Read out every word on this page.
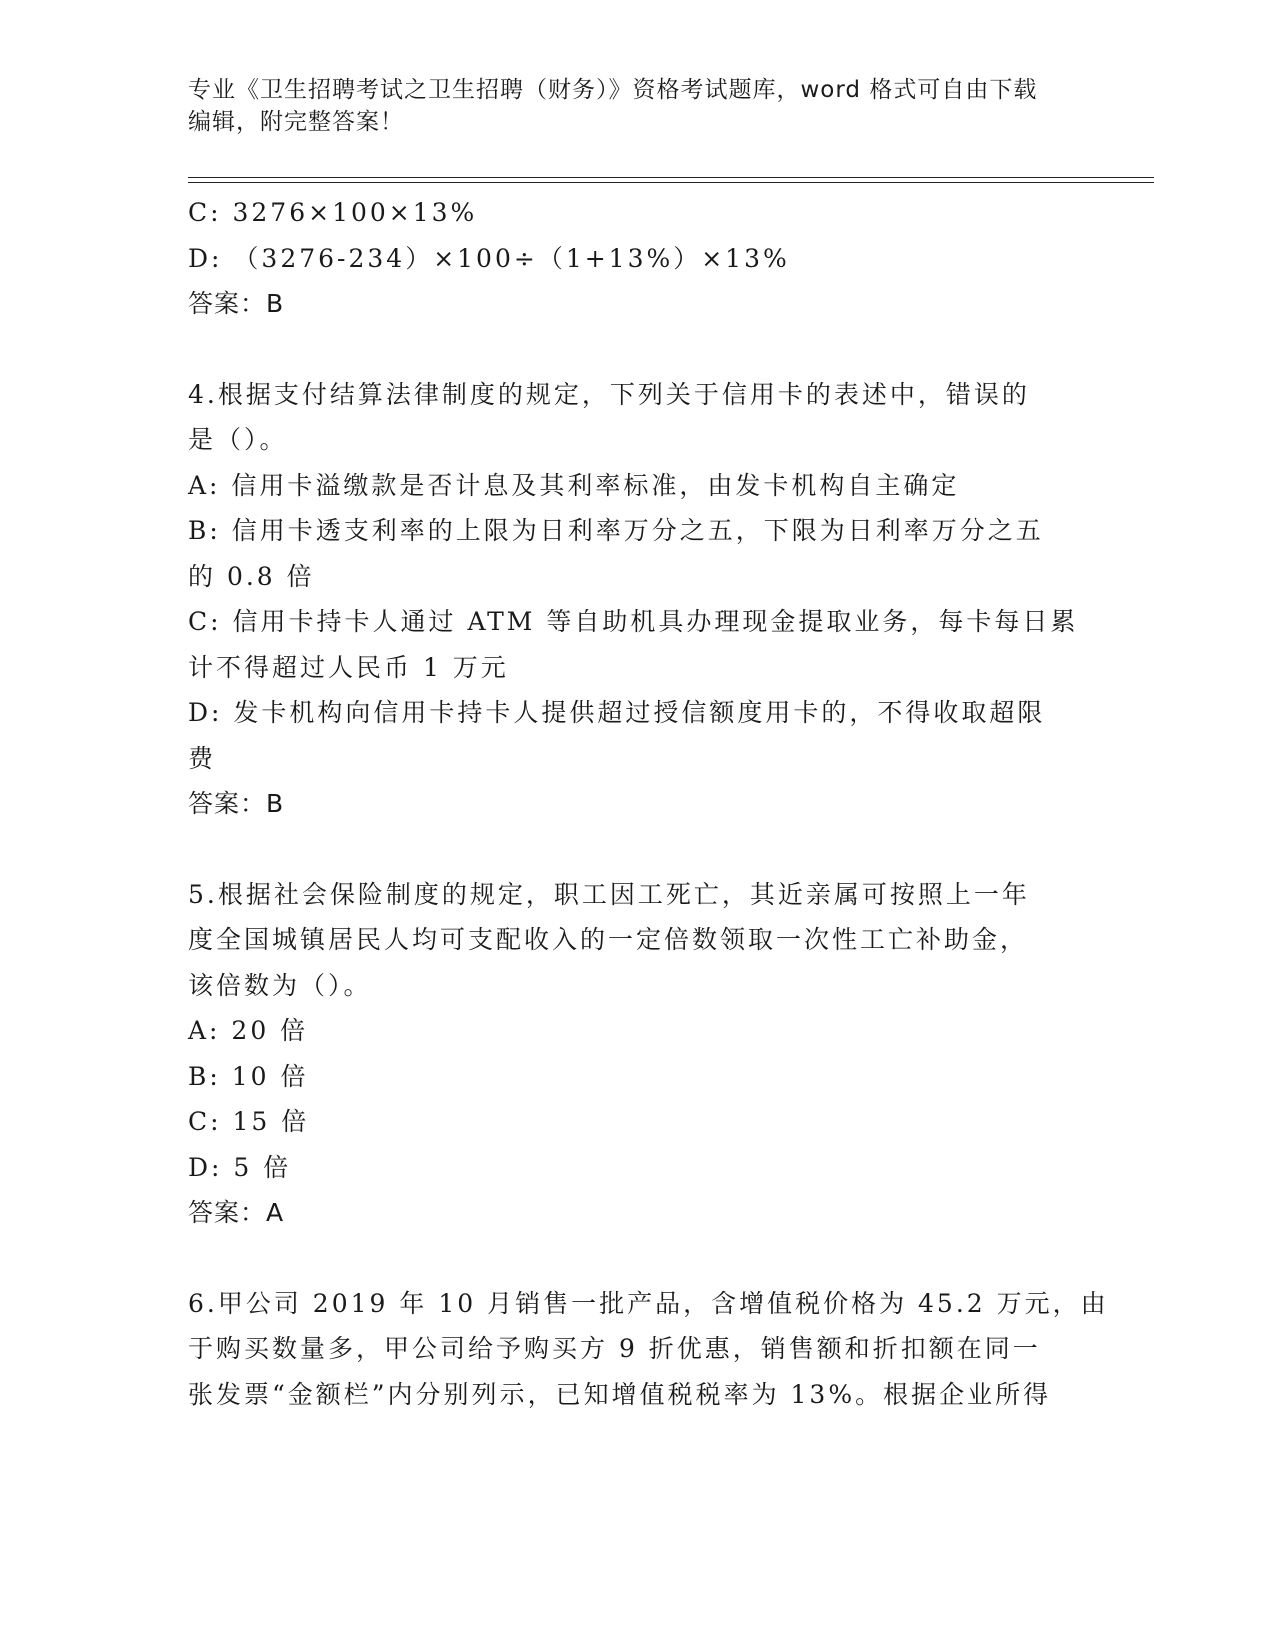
专业《卫生招聘考试之卫生招聘（财务）》资格考试题库，word 格式可自由下载
编辑，附完整答案！
C: 3276×100×13%
D: （3276-234）×100÷（1+13%）×13%
答案：B
4.根据支付结算法律制度的规定，下列关于信用卡的表述中，错误的
是（）。
A: 信用卡溢缴款是否计息及其利率标准，由发卡机构自主确定
B: 信用卡透支利率的上限为日利率万分之五，下限为日利率万分之五
的 0.8 倍
C: 信用卡持卡人通过 ATM 等自助机具办理现金提取业务，每卡每日累
计不得超过人民币 1 万元
D: 发卡机构向信用卡持卡人提供超过授信额度用卡的，不得收取超限
费
答案：B
5.根据社会保险制度的规定，职工因工死亡，其近亲属可按照上一年
度全国城镇居民人均可支配收入的一定倍数领取一次性工亡补助金，
该倍数为（）。
A: 20 倍
B: 10 倍
C: 15 倍
D: 5 倍
答案：A
6.甲公司 2019 年 10 月销售一批产品，含增值税价格为 45.2 万元，由
于购买数量多，甲公司给予购买方 9 折优惠，销售额和折扣额在同一
张发票“金额栏”内分别列示，已知增值税税率为 13%。根据企业所得
